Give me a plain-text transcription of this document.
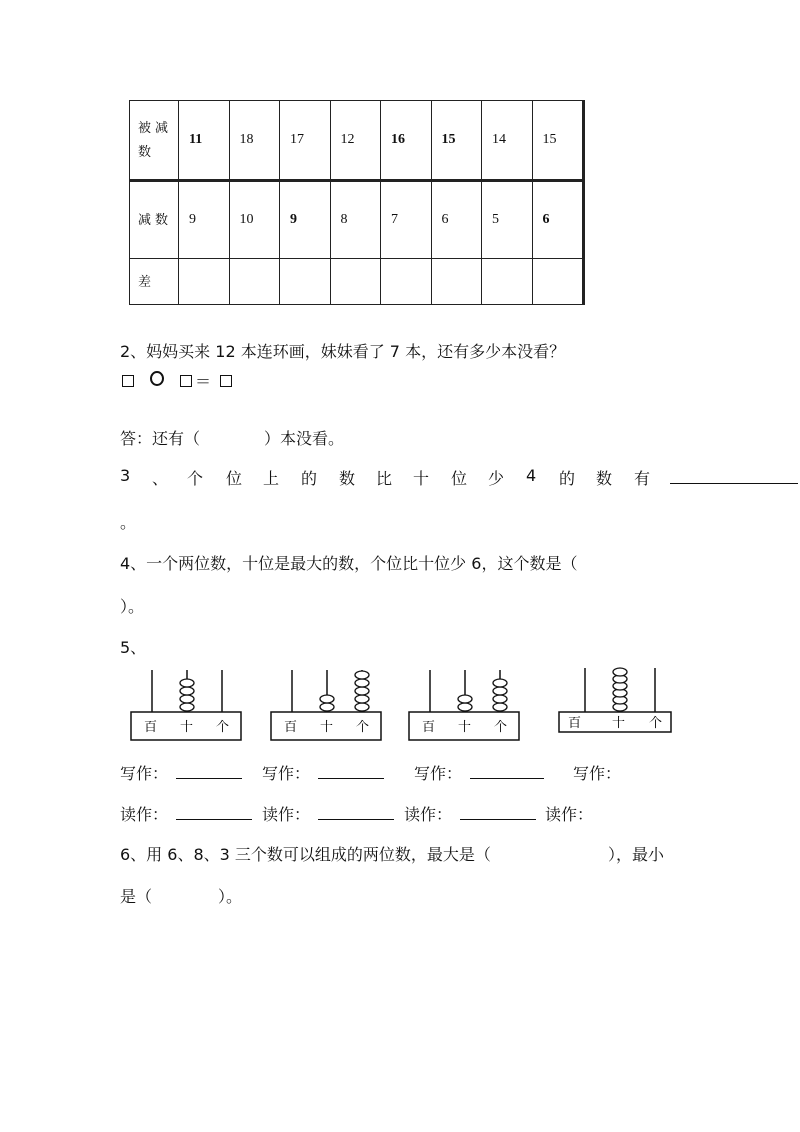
被减数	11	18	17	12	16	15	14	15
减数	9	10	9	8	7	6	5	6
差								
2、妈妈买来 12 本连环画，妹妹看了 7 本，还有多少本没看？
＝
答：还有（	）本没看。
3 、 个 位 上 的 数 比 十 位 少 4 的 数 有
。
4、一个两位数，十位是最大的数，个位比十位少 6，这个数是（
）。
5、
百 十 个	百 十 个	百 十 个	百 十 个
写作：	写作：	写作：	写作：
读作：	读作：	读作：	读作：
6、用 6、8、3 三个数可以组成的两位数，最大是（	），最小
是（	）。
